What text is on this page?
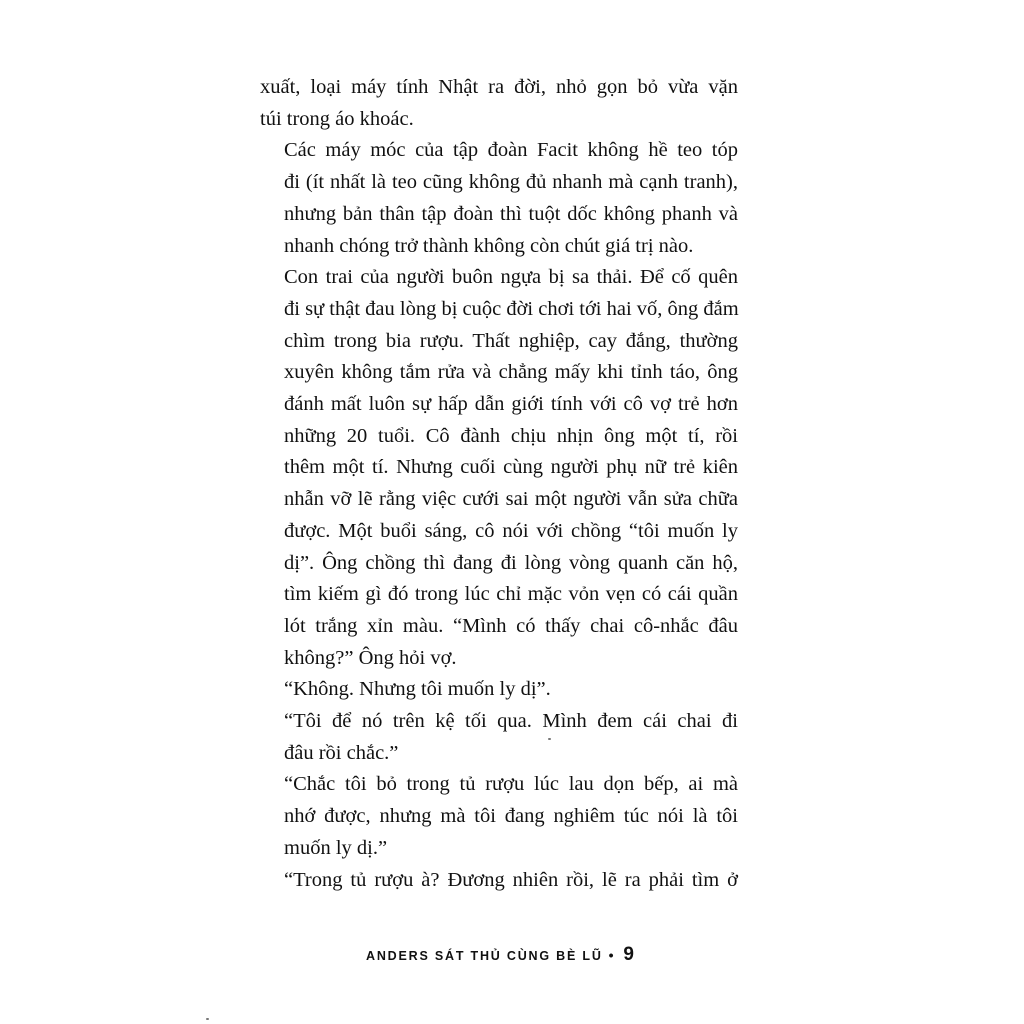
xuất, loại máy tính Nhật ra đời, nhỏ gọn bỏ vừa vặn
túi trong áo khoác.

Các máy móc của tập đoàn Facit không hề teo tóp
đi (ít nhất là teo cũng không đủ nhanh mà cạnh tranh),
nhưng bản thân tập đoàn thì tuột dốc không phanh và
nhanh chóng trở thành không còn chút giá trị nào.

Con trai của người buôn ngựa bị sa thải. Để cố quên
đi sự thật đau lòng bị cuộc đời chơi tới hai vố, ông đắm
chìm trong bia rượu. Thất nghiệp, cay đắng, thường
xuyên không tắm rửa và chẳng mấy khi tỉnh táo, ông
đánh mất luôn sự hấp dẫn giới tính với cô vợ trẻ hơn
những 20 tuổi. Cô đành chịu nhịn ông một tí, rồi
thêm một tí. Nhưng cuối cùng người phụ nữ trẻ kiên
nhẫn vỡ lẽ rằng việc cưới sai một người vẫn sửa chữa
được. Một buổi sáng, cô nói với chồng “tôi muốn ly
dị”. Ông chồng thì đang đi lòng vòng quanh căn hộ,
tìm kiếm gì đó trong lúc chỉ mặc vỏn vẹn có cái quần
lót trắng xỉn màu. “Mình có thấy chai cô-nhắc đâu
không?” Ông hỏi vợ.

“Không. Nhưng tôi muốn ly dị”.

“Tôi để nó trên kệ tối qua. Mình đem cái chai đi
đâu rồi chắc.”

“Chắc tôi bỏ trong tủ rượu lúc lau dọn bếp, ai mà
nhớ được, nhưng mà tôi đang nghiêm túc nói là tôi
muốn ly dị.”

“Trong tủ rượu à? Đương nhiên rồi, lẽ ra phải tìm ở

ANDERS SÁT THỦ CÙNG BÈ LŨ • 9
